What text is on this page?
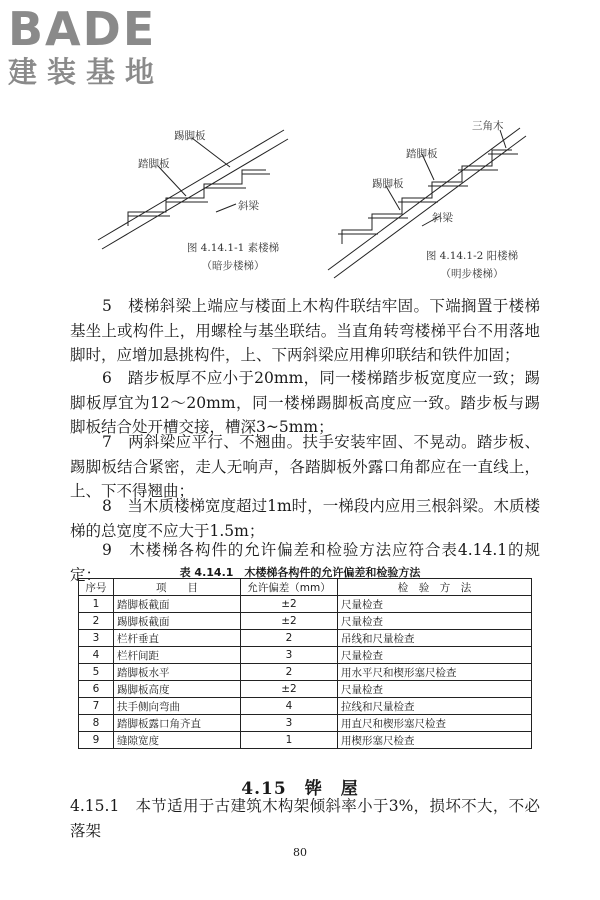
BADE
建装基地
踢脚板
踏脚板
斜梁
图 4.14.1-1 素楼梯
（暗步楼梯）
三角木
踏脚板
踢脚板
斜梁
图 4.14.1-2 阳楼梯
（明步楼梯）
5　楼梯斜梁上端应与楼面上木构件联结牢固。下端搁置于楼梯基坐上或构件上，用螺栓与基坐联结。当直角转弯楼梯平台不用落地脚时，应增加悬挑构件，上、下两斜梁应用榫卯联结和铁件加固；
6　踏步板厚不应小于20mm，同一楼梯踏步板宽度应一致；踢脚板厚宜为12～20mm，同一楼梯踢脚板高度应一致。踏步板与踢脚板结合处开槽交接，槽深3~5mm；
7　两斜梁应平行、不翘曲。扶手安装牢固、不晃动。踏步板、踢脚板结合紧密，走人无响声，各踏脚板外露口角都应在一直线上，上、下不得翘曲；
8　当木质楼梯宽度超过1m时，一梯段内应用三根斜梁。木质楼梯的总宽度不应大于1.5m；
9　木楼梯各构件的允许偏差和检验方法应符合表4.14.1的规定：	表 4.14.1　木楼梯各构件的允许偏差和检验方法
序号	项　　目	允许偏差（mm）	检　验　方　法
1	踏脚板截面	±2	尺量检查
2	踢脚板截面	±2	尺量检查
3	栏杆垂直	2	吊线和尺量检查
4	栏杆间距	3	尺量检查
5	踏脚板水平	2	用水平尺和楔形塞尺检查
6	踢脚板高度	±2	尺量检查
7	扶手侧向弯曲	4	拉线和尺量检查
8	踏脚板露口角齐直	3	用直尺和楔形塞尺检查
9	缝隙宽度	1	用楔形塞尺检查
4.15　铧　屋
4.15.1　本节适用于古建筑木构架倾斜率小于3%，损坏不大，不必落架
80
